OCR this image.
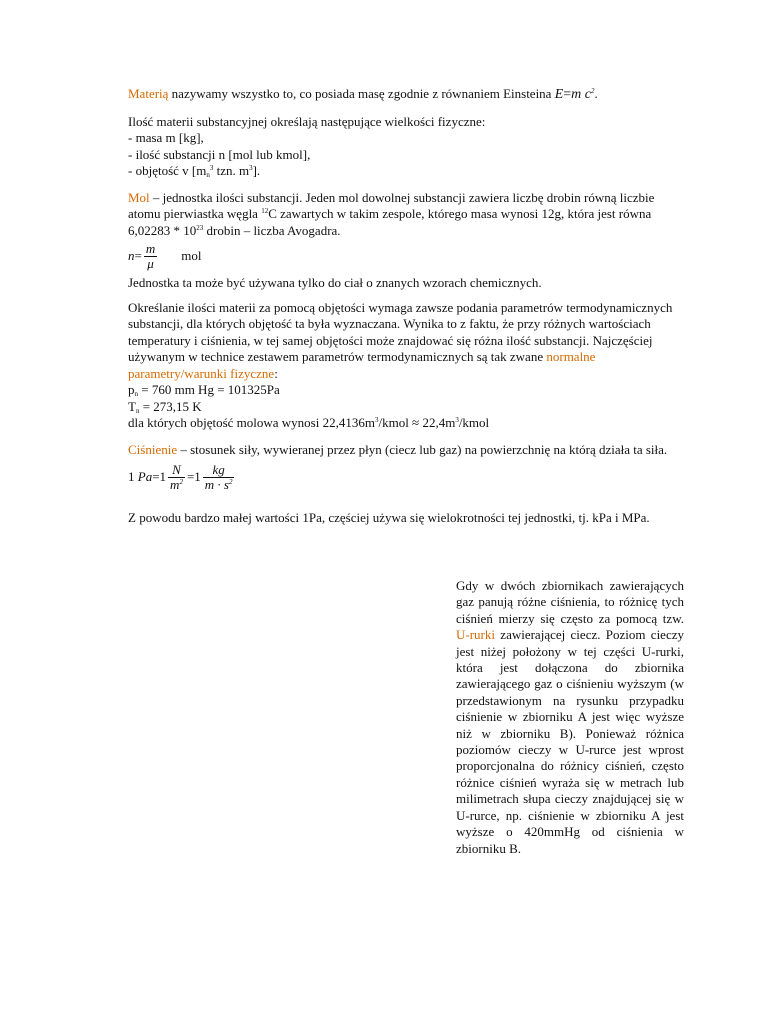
Materią nazywamy wszystko to, co posiada masę zgodnie z równaniem Einsteina E=m $c^2$.

Ilość materii substancyjnej określają następujące wielkości fizyczne:

- masa m [kg],

- ilość substancji n [mol lub kmol],

- objętość v [$m_n^3$ tzn. $m^3$].

Mol – jednostka ilości substancji. Jeden mol dowolnej substancji zawiera liczbę drobin równą liczbie atomu pierwiastka węgla $^{12}$C zawartych w takim zespole, którego masa wynosi 12g, która jest równa $6,02283 * 10^{23}$ drobin – liczba Avogadra.

$n= \frac{m}{\mu}$ mol

Jednostka ta może być używana tylko do ciał o znanych wzorach chemicznych.

Określanie ilości materii za pomocą objętości wymaga zawsze podania parametrów termodynamicznych substancji, dla których objętość ta była wyznaczana. Wynika to z faktu, że przy różnych wartościach temperatury i ciśnienia, w tej samej objętości może znajdować się różna ilość substancji. Najczęściej używanym w technice zestawem parametrów termodynamicznych są tak zwane normalne parametry/warunki fizyczne:

$p_n = 760$ mm Hg = 101325Pa

$T_n = 273,15$ K

dla których objętość molowa wynosi $22,4136m^3$/kmol ≈ $22,4m^3$/kmol

Ciśnienie – stosunek siły, wywieranej przez płyn (ciecz lub gaz) na powierzchnię na którą działa ta siła.

1 $Pa=1 \frac{N}{m^2} =1 \frac{kg}{m \cdot s^2}$

Z powodu bardzo małej wartości 1Pa, częściej używa się wielokrotności tej jednostki, tj. kPa i MPa.

Gdy w dwóch zbiornikach zawierających gaz panują różne ciśnienia, to różnicę tych ciśnień mierzy się często za pomocą tzw. U-rurki zawierającej ciecz. Poziom cieczy jest niżej położony w tej części U-rurki, która jest dołączona do zbiornika zawierającego gaz o ciśnieniu wyższym (w przedstawionym na rysunku przypadku ciśnienie w zbiorniku A jest więc wyższe niż w zbiorniku B). Ponieważ różnica poziomów cieczy w U-rurce jest wprost proporcjonalna do różnicy ciśnień, często różnice ciśnień wyraża się w metrach lub milimetrach słupa cieczy znajdującej się w U-rurce, np. ciśnienie w zbiorniku A jest wyższe o 420mmHg od ciśnienia w zbiorniku B.
